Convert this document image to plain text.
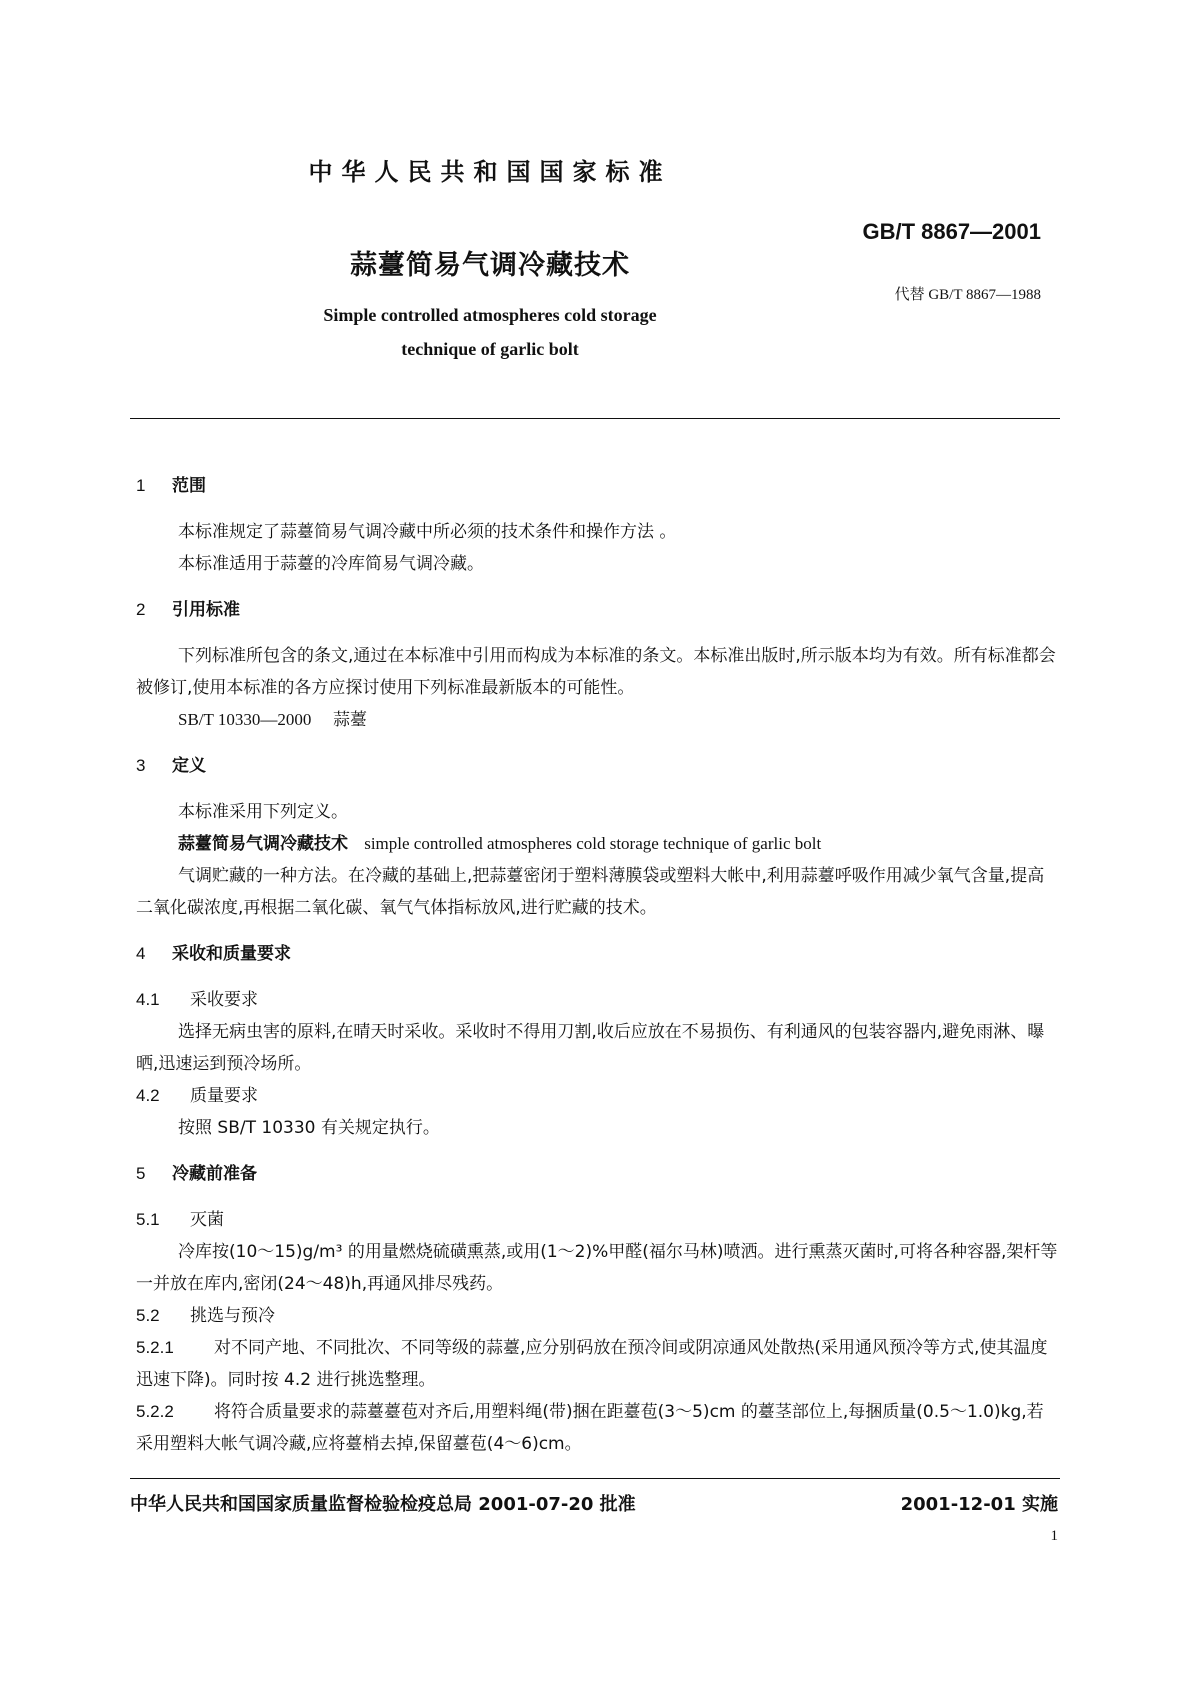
中华人民共和国国家标准
GB/T 8867—2001
蒜薹简易气调冷藏技术
代替 GB/T 8867—1988
Simple controlled atmospheres cold storage
technique of garlic bolt

1 范围

本标准规定了蒜薹简易气调冷藏中所必须的技术条件和操作方法 。

本标准适用于蒜薹的冷库简易气调冷藏。

2 引用标准

下列标准所包含的条文,通过在本标准中引用而构成为本标准的条文。本标准出版时,所示版本均为有效。所有标准都会被修订,使用本标准的各方应探讨使用下列标准最新版本的可能性。

SB/T 10330—2000 蒜薹

3 定义

本标准采用下列定义。

蒜薹简易气调冷藏技术 simple controlled atmospheres cold storage technique of garlic bolt

气调贮藏的一种方法。在冷藏的基础上,把蒜薹密闭于塑料薄膜袋或塑料大帐中,利用蒜薹呼吸作用减少氧气含量,提高二氧化碳浓度,再根据二氧化碳、氧气气体指标放风,进行贮藏的技术。

4 采收和质量要求

4.1 采收要求

选择无病虫害的原料,在晴天时采收。采收时不得用刀割,收后应放在不易损伤、有利通风的包装容器内,避免雨淋、曝晒,迅速运到预冷场所。

4.2 质量要求

按照 SB/T 10330 有关规定执行。

5 冷藏前准备

5.1 灭菌

冷库按(10～15)g/m³ 的用量燃烧硫磺熏蒸,或用(1～2)%甲醛(福尔马林)喷洒。进行熏蒸灭菌时,可将各种容器,架杆等一并放在库内,密闭(24～48)h,再通风排尽残药。

5.2 挑选与预冷

5.2.1 对不同产地、不同批次、不同等级的蒜薹,应分别码放在预冷间或阴凉通风处散热(采用通风预冷等方式,使其温度迅速下降)。同时按 4.2 进行挑选整理。

5.2.2 将符合质量要求的蒜薹薹苞对齐后,用塑料绳(带)捆在距薹苞(3～5)cm 的薹茎部位上,每捆质量(0.5～1.0)kg,若采用塑料大帐气调冷藏,应将薹梢去掉,保留薹苞(4～6)cm。

中华人民共和国国家质量监督检验检疫总局 2001-07-20 批准	2001-12-01 实施
1
